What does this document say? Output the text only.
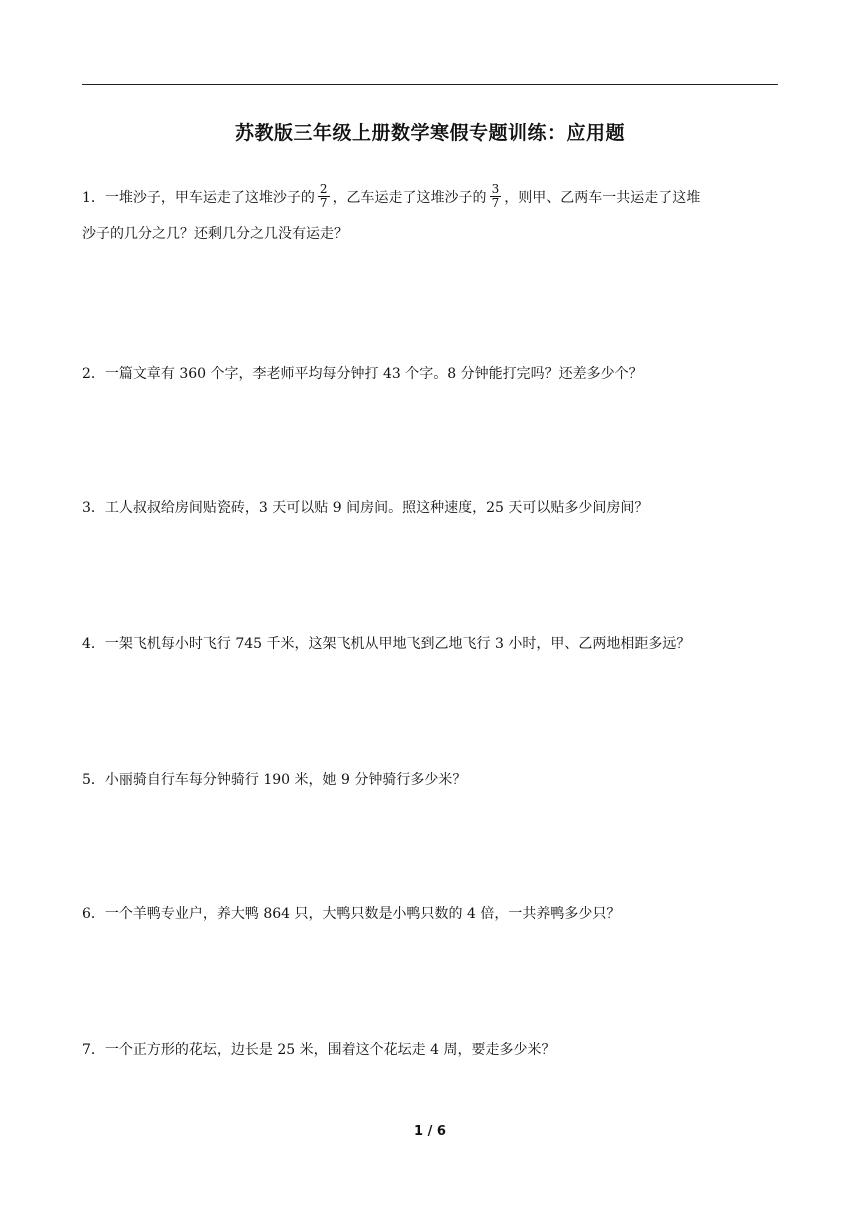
苏教版三年级上册数学寒假专题训练：应用题
1．一堆沙子，甲车运走了这堆沙子的 $\frac{2}{7}$ ，乙车运走了这堆沙子的 $\frac{3}{7}$ ，则甲、乙两车一共运走了这堆
沙子的几分之几？还剩几分之几没有运走？
2．一篇文章有 360 个字，李老师平均每分钟打 43 个字。8 分钟能打完吗？还差多少个？
3．工人叔叔给房间贴瓷砖，3 天可以贴 9 间房间。照这种速度，25 天可以贴多少间房间？
4．一架飞机每小时飞行 745 千米，这架飞机从甲地飞到乙地飞行 3 小时，甲、乙两地相距多远？
5．小丽骑自行车每分钟骑行 190 米，她 9 分钟骑行多少米？
6．一个羊鸭专业户，养大鸭 864 只，大鸭只数是小鸭只数的 4 倍，一共养鸭多少只？
7．一个正方形的花坛，边长是 25 米，围着这个花坛走 4 周，要走多少米？
1 / 6
